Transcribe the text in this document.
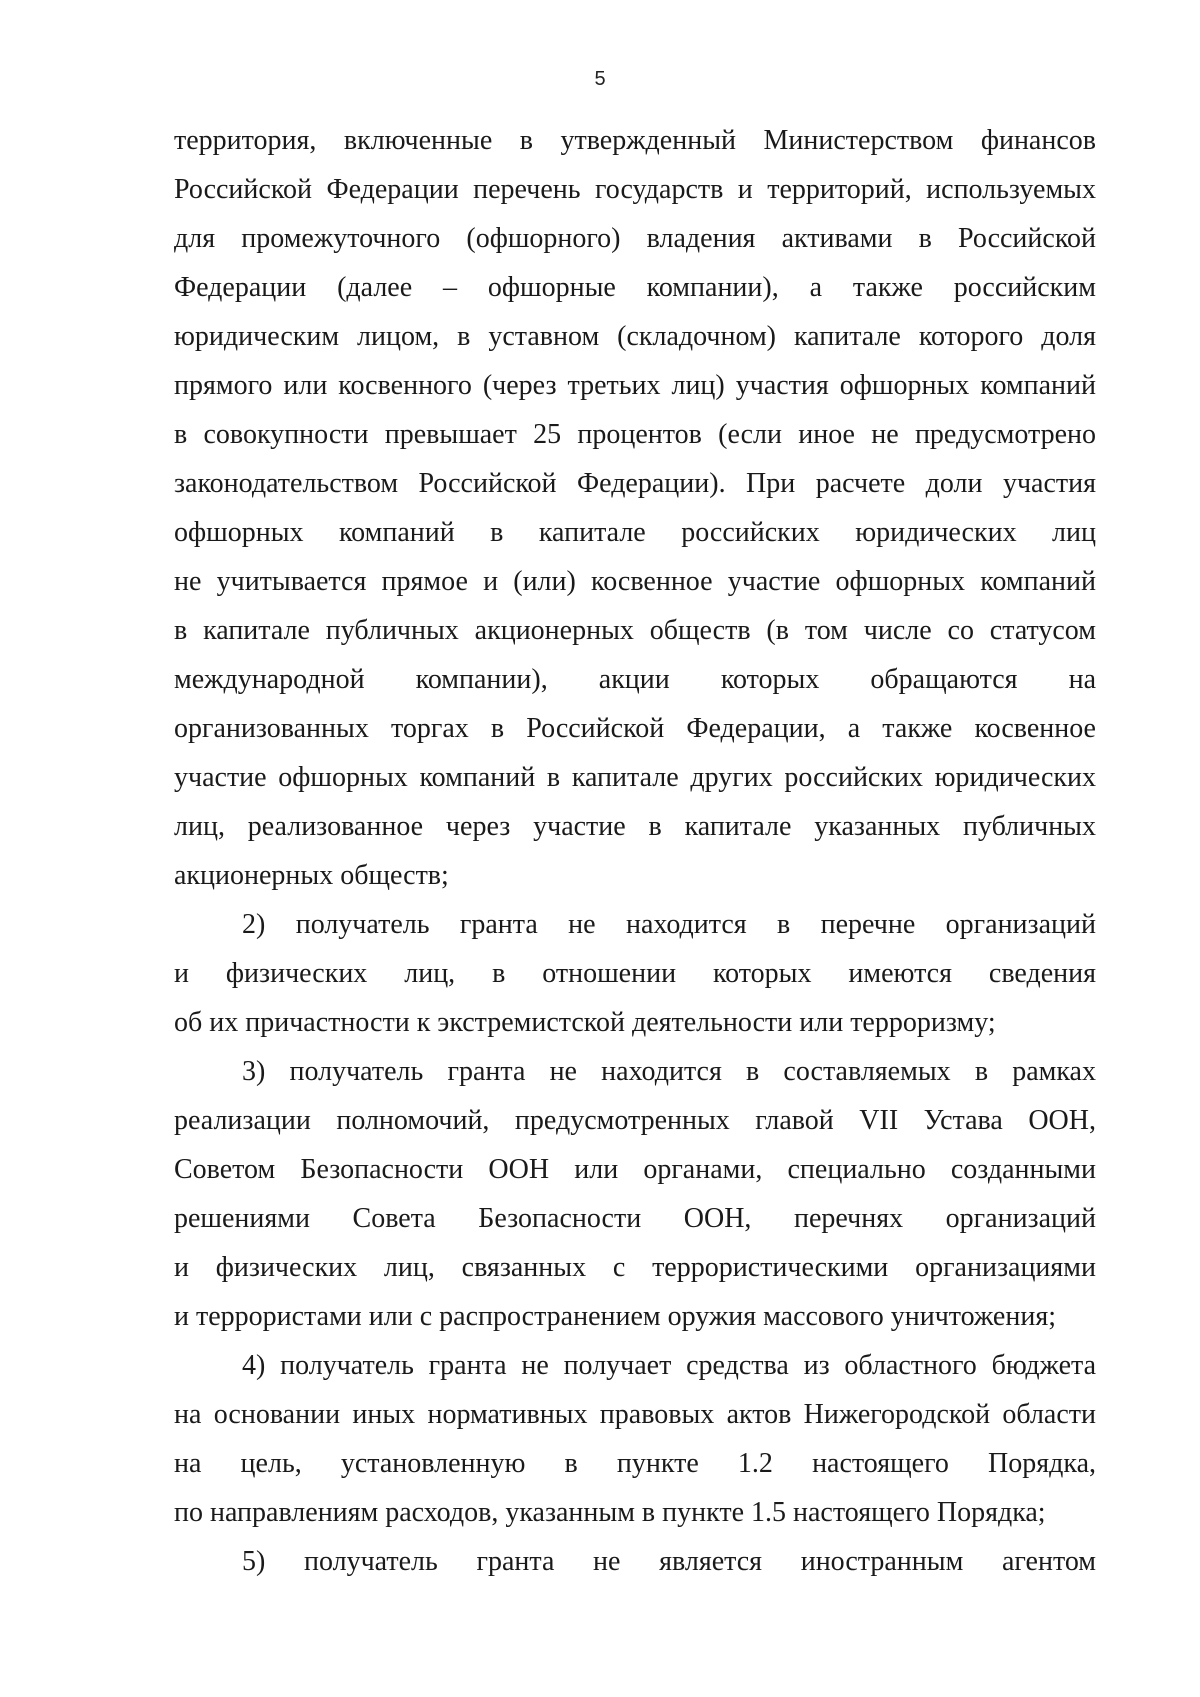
5
территория, включенные в утвержденный Министерством финансов
Российской Федерации перечень государств и территорий, используемых
для промежуточного (офшорного) владения активами в Российской
Федерации (далее – офшорные компании), а также российским
юридическим лицом, в уставном (складочном) капитале которого доля
прямого или косвенного (через третьих лиц) участия офшорных компаний
в совокупности превышает 25 процентов (если иное не предусмотрено
законодательством Российской Федерации). При расчете доли участия
офшорных компаний в капитале российских юридических лиц
не учитывается прямое и (или) косвенное участие офшорных компаний
в капитале публичных акционерных обществ (в том числе со статусом
международной компании), акции которых обращаются на
организованных торгах в Российской Федерации, а также косвенное
участие офшорных компаний в капитале других российских юридических
лиц, реализованное через участие в капитале указанных публичных
акционерных обществ;
2) получатель гранта не находится в перечне организаций
и физических лиц, в отношении которых имеются сведения
об их причастности к экстремистской деятельности или терроризму;
3) получатель гранта не находится в составляемых в рамках
реализации полномочий, предусмотренных главой VII Устава ООН,
Советом Безопасности ООН или органами, специально созданными
решениями Совета Безопасности ООН, перечнях организаций
и физических лиц, связанных с террористическими организациями
и террористами или с распространением оружия массового уничтожения;
4) получатель гранта не получает средства из областного бюджета
на основании иных нормативных правовых актов Нижегородской области
на цель, установленную в пункте 1.2 настоящего Порядка,
по направлениям расходов, указанным в пункте 1.5 настоящего Порядка;
5) получатель гранта не является иностранным агентом
